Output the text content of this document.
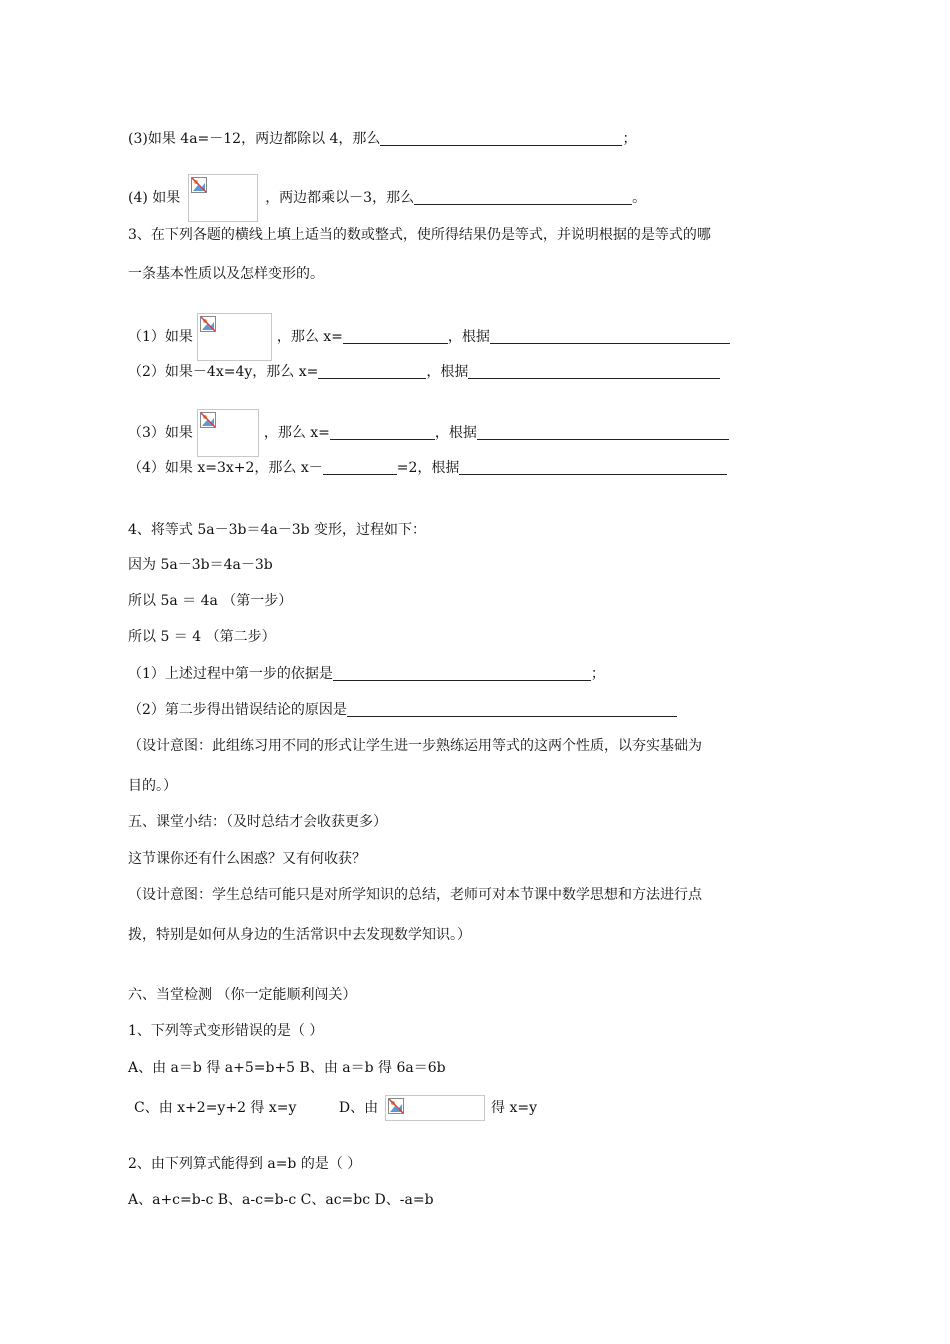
(3)如果 4a=－12，两边都除以 4，那么	；
(4) 如果	，两边都乘以－3，那么	。
3、在下列各题的横线上填上适当的数或整式，使所得结果仍是等式，并说明根据的是等式的哪
一条基本性质以及怎样变形的。
（1）如果	，那么 x=	，根据
（2）如果－4x=4y，那么 x=	，根据
（3）如果	，那么 x=	，根据
（4）如果 x=3x+2，那么 x－	=2，根据
4、将等式 5a－3b＝4a－3b 变形，过程如下：
因为 5a－3b＝4a－3b
所以 5a ＝ 4a （第一步）
所以 5 ＝ 4 （第二步）
（1）上述过程中第一步的依据是	；
（2）第二步得出错误结论的原因是
（设计意图：此组练习用不同的形式让学生进一步熟练运用等式的这两个性质，以夯实基础为
目的。）
五、课堂小结：（及时总结才会收获更多）
这节课你还有什么困惑？又有何收获？
（设计意图：学生总结可能只是对所学知识的总结，老师可对本节课中数学思想和方法进行点
拨，特别是如何从身边的生活常识中去发现数学知识。）
六、当堂检测 （你一定能顺利闯关）
1、下列等式变形错误的是（ ）
A、由 a＝b 得 a+5=b+5 B、由 a＝b 得 6a＝6b
C、由 x+2=y+2 得 x=y	D、由	得 x=y
2、由下列算式能得到 a=b 的是（ ）
A、a+c=b-c B、a-c=b-c C、ac=bc D、-a=b
